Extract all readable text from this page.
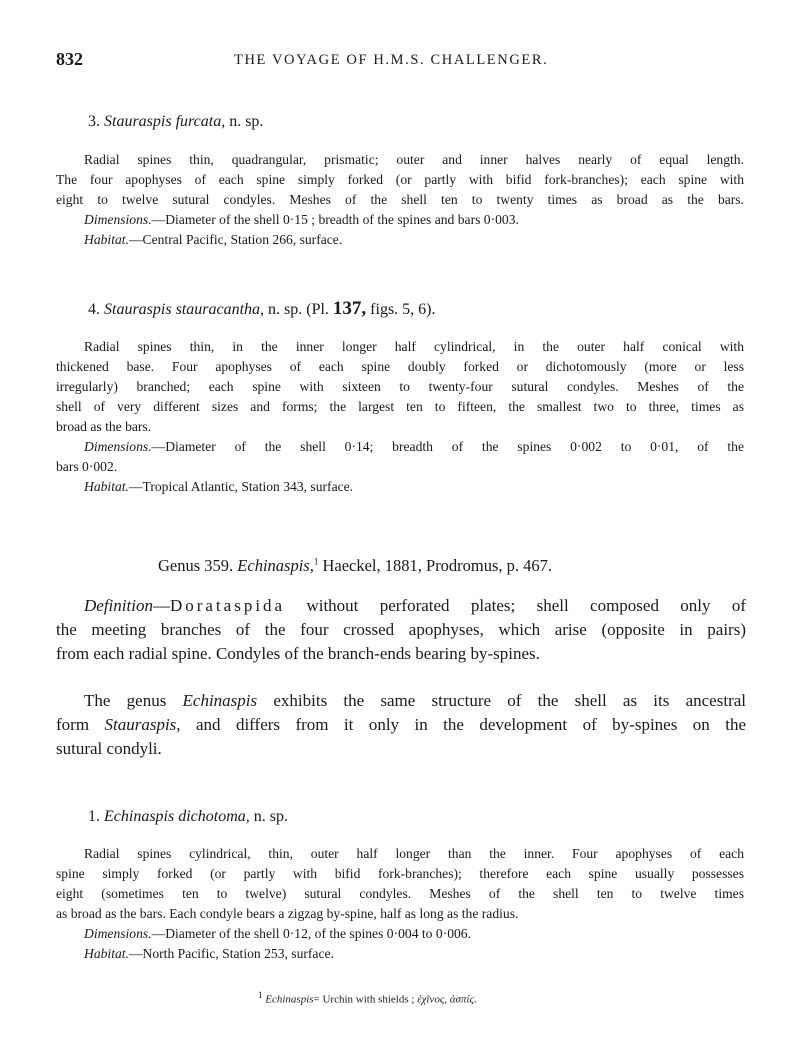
832	THE VOYAGE OF H.M.S. CHALLENGER.
3. Stauraspis furcata, n. sp.
Radial spines thin, quadrangular, prismatic; outer and inner halves nearly of equal length.
The four apophyses of each spine simply forked (or partly with bifid fork-branches); each spine with
eight to twelve sutural condyles. Meshes of the shell ten to twenty times as broad as the bars.
Dimensions.—Diameter of the shell 0·15 ; breadth of the spines and bars 0·003.
Habitat.—Central Pacific, Station 266, surface.
4. Stauraspis stauracantha, n. sp. (Pl. 137, figs. 5, 6).
Radial spines thin, in the inner longer half cylindrical, in the outer half conical with
thickened base. Four apophyses of each spine doubly forked or dichotomously (more or less
irregularly) branched; each spine with sixteen to twenty-four sutural condyles. Meshes of the
shell of very different sizes and forms; the largest ten to fifteen, the smallest two to three, times as
broad as the bars.
Dimensions.—Diameter of the shell 0·14; breadth of the spines 0·002 to 0·01, of the
bars 0·002.
Habitat.—Tropical Atlantic, Station 343, surface.
Genus 359. Echinaspis,$^1$ Haeckel, 1881, Prodromus, p. 467.
Definition—Dorataspida without perforated plates; shell composed only of
the meeting branches of the four crossed apophyses, which arise (opposite in pairs)
from each radial spine. Condyles of the branch-ends bearing by-spines.
The genus Echinaspis exhibits the same structure of the shell as its ancestral
form Stauraspis, and differs from it only in the development of by-spines on the
sutural condyli.
1. Echinaspis dichotoma, n. sp.
Radial spines cylindrical, thin, outer half longer than the inner. Four apophyses of each
spine simply forked (or partly with bifid fork-branches); therefore each spine usually possesses
eight (sometimes ten to twelve) sutural condyles. Meshes of the shell ten to twelve times
as broad as the bars. Each condyle bears a zigzag by-spine, half as long as the radius.
Dimensions.—Diameter of the shell 0·12, of the spines 0·004 to 0·006.
Habitat.—North Pacific, Station 253, surface.
$^1$ Echinaspis= Urchin with shields ; ἐχῖνος, ἀσπίς.
